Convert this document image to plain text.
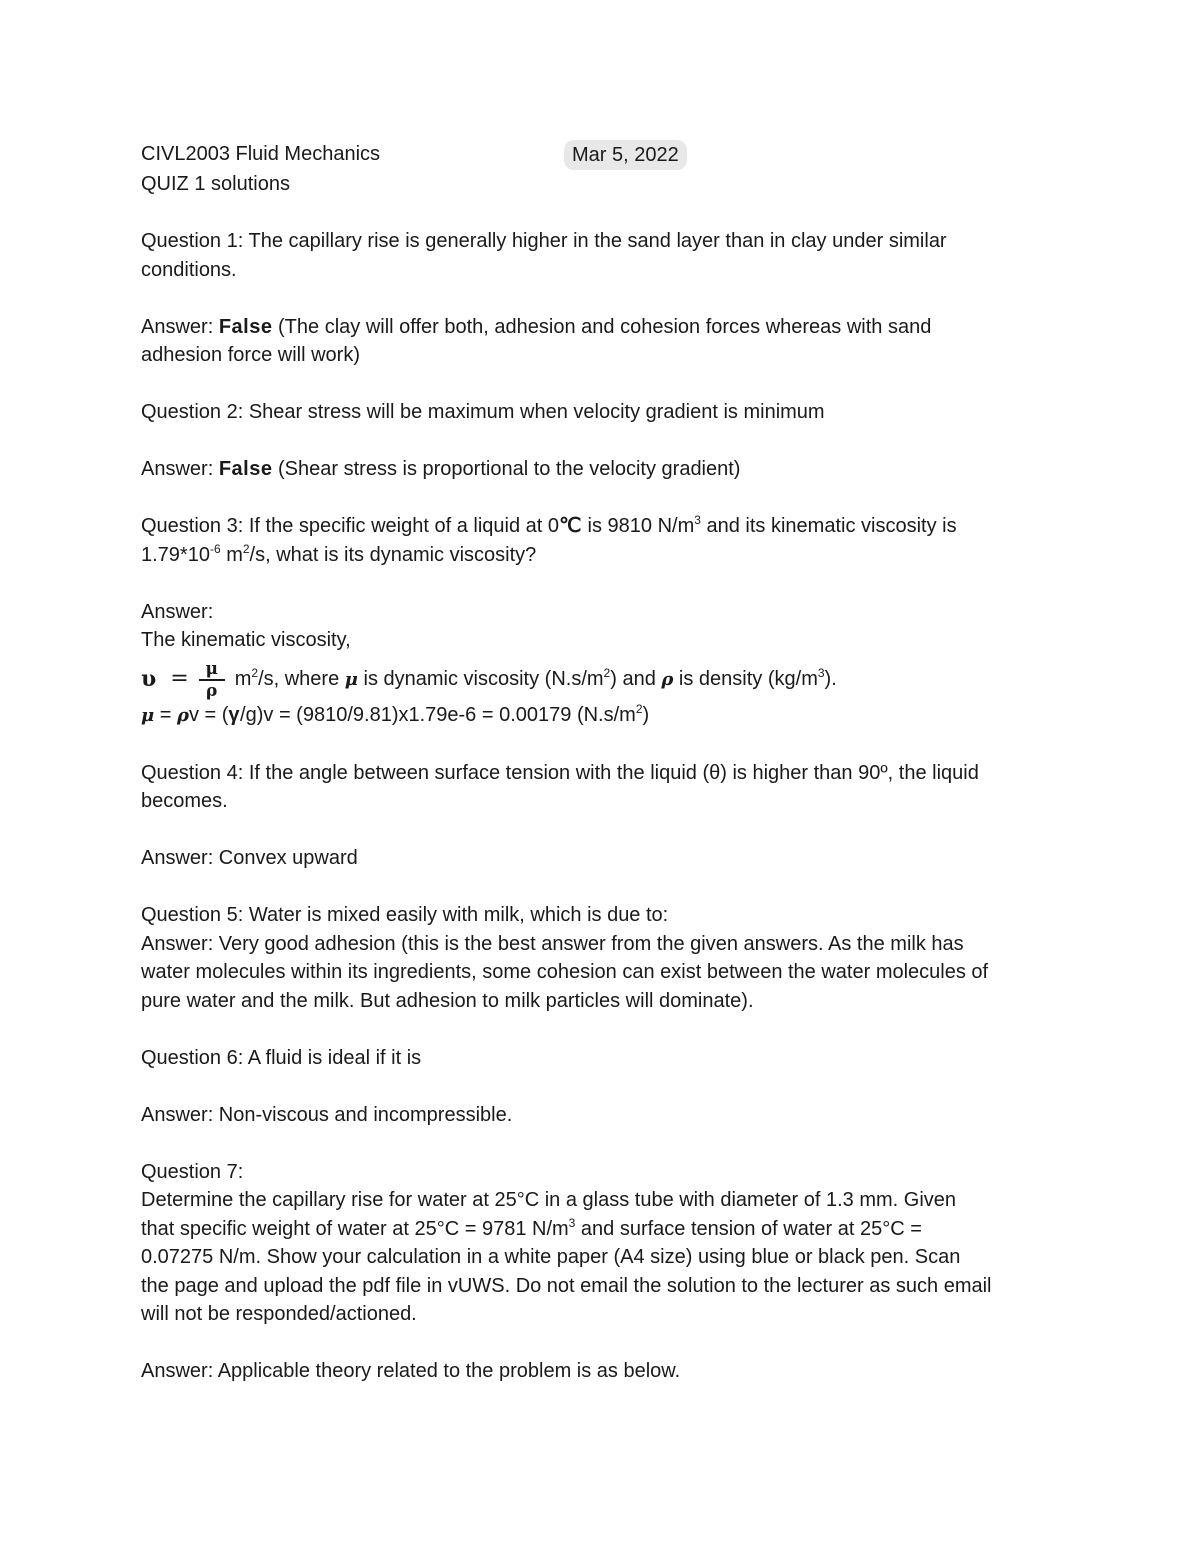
CIVL2003 Fluid Mechanics	Mar 5, 2022

QUIZ 1 solutions

Question 1: The capillary rise is generally higher in the sand layer than in clay under similar
conditions.

Answer: False (The clay will offer both, adhesion and cohesion forces whereas with sand
adhesion force will work)

Question 2: Shear stress will be maximum when velocity gradient is minimum

Answer: False (Shear stress is proportional to the velocity gradient)

Question 3: If the specific weight of a liquid at 0℃ is 9810 $N/m^3$ and its kinematic viscosity is
$1.79*10^{-6}$ $m^2/s$, what is its dynamic viscosity?

Answer:
The kinematic viscosity,
$\upsilon = \frac{\mu}{\rho} m^2/s$, where μ is dynamic viscosity $(N.s/m^2)$ and ρ is density $(kg/m^3)$.
μ = ρv = (γ/g)v = (9810/9.81)x1.79e-6 = 0.00179 $(N.s/m^2)$

Question 4: If the angle between surface tension with the liquid (θ) is higher than 90º, the liquid
becomes.

Answer: Convex upward

Question 5: Water is mixed easily with milk, which is due to:
Answer: Very good adhesion (this is the best answer from the given answers. As the milk has
water molecules within its ingredients, some cohesion can exist between the water molecules of
pure water and the milk. But adhesion to milk particles will dominate).

Question 6: A fluid is ideal if it is

Answer: Non-viscous and incompressible.

Question 7:
Determine the capillary rise for water at 25°C in a glass tube with diameter of 1.3 mm. Given
that specific weight of water at 25°C = 9781 $N/m^3$ and surface tension of water at 25°C =
0.07275 N/m. Show your calculation in a white paper (A4 size) using blue or black pen. Scan
the page and upload the pdf file in vUWS. Do not email the solution to the lecturer as such email
will not be responded/actioned.

Answer: Applicable theory related to the problem is as below.
